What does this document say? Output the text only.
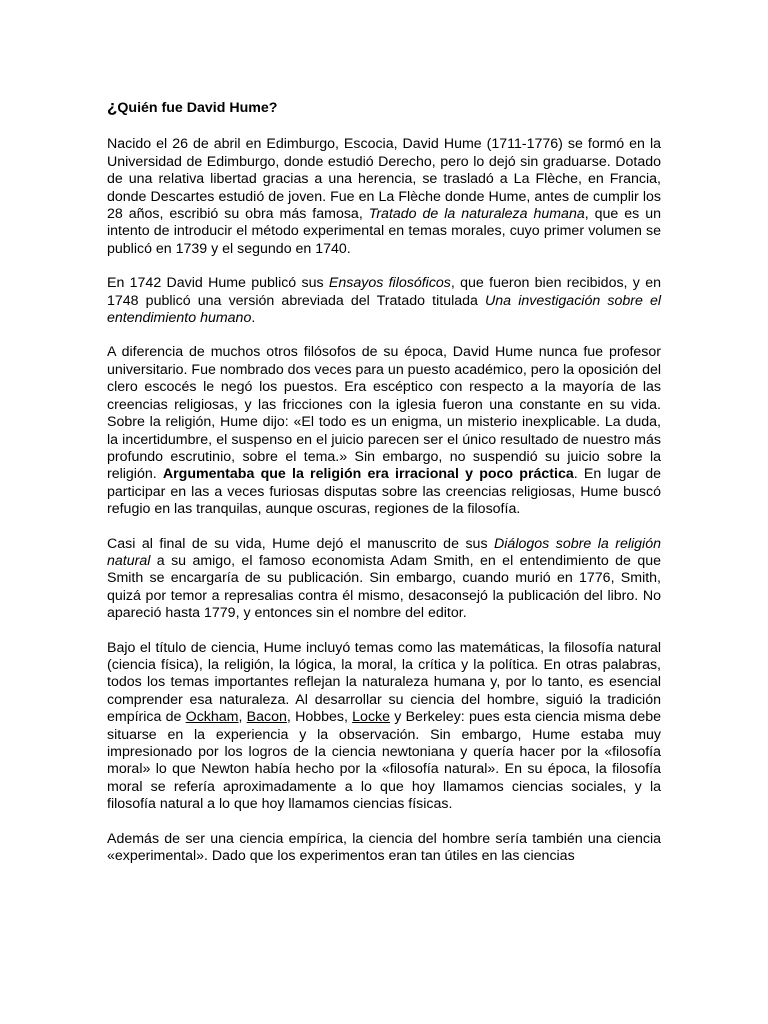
¿Quién fue David Hume?

Nacido el 26 de abril en Edimburgo, Escocia, David Hume (1711-1776) se formó en la Universidad de Edimburgo, donde estudió Derecho, pero lo dejó sin graduarse. Dotado de una relativa libertad gracias a una herencia, se trasladó a La Flèche, en Francia, donde Descartes estudió de joven. Fue en La Flèche donde Hume, antes de cumplir los 28 años, escribió su obra más famosa, Tratado de la naturaleza humana, que es un intento de introducir el método experimental en temas morales, cuyo primer volumen se publicó en 1739 y el segundo en 1740.

En 1742 David Hume publicó sus Ensayos filosóficos, que fueron bien recibidos, y en 1748 publicó una versión abreviada del Tratado titulada Una investigación sobre el entendimiento humano.

A diferencia de muchos otros filósofos de su época, David Hume nunca fue profesor universitario. Fue nombrado dos veces para un puesto académico, pero la oposición del clero escocés le negó los puestos. Era escéptico con respecto a la mayoría de las creencias religiosas, y las fricciones con la iglesia fueron una constante en su vida. Sobre la religión, Hume dijo: «El todo es un enigma, un misterio inexplicable. La duda, la incertidumbre, el suspenso en el juicio parecen ser el único resultado de nuestro más profundo escrutinio, sobre el tema.» Sin embargo, no suspendió su juicio sobre la religión. Argumentaba que la religión era irracional y poco práctica. En lugar de participar en las a veces furiosas disputas sobre las creencias religiosas, Hume buscó refugio en las tranquilas, aunque oscuras, regiones de la filosofía.

Casi al final de su vida, Hume dejó el manuscrito de sus Diálogos sobre la religión natural a su amigo, el famoso economista Adam Smith, en el entendimiento de que Smith se encargaría de su publicación. Sin embargo, cuando murió en 1776, Smith, quizá por temor a represalias contra él mismo, desaconsejó la publicación del libro. No apareció hasta 1779, y entonces sin el nombre del editor.

Bajo el título de ciencia, Hume incluyó temas como las matemáticas, la filosofía natural (ciencia física), la religión, la lógica, la moral, la crítica y la política. En otras palabras, todos los temas importantes reflejan la naturaleza humana y, por lo tanto, es esencial comprender esa naturaleza. Al desarrollar su ciencia del hombre, siguió la tradición empírica de Ockham, Bacon, Hobbes, Locke y Berkeley: pues esta ciencia misma debe situarse en la experiencia y la observación. Sin embargo, Hume estaba muy impresionado por los logros de la ciencia newtoniana y quería hacer por la «filosofía moral» lo que Newton había hecho por la «filosofía natural». En su época, la filosofía moral se refería aproximadamente a lo que hoy llamamos ciencias sociales, y la filosofía natural a lo que hoy llamamos ciencias físicas.

Además de ser una ciencia empírica, la ciencia del hombre sería también una ciencia «experimental». Dado que los experimentos eran tan útiles en las ciencias
